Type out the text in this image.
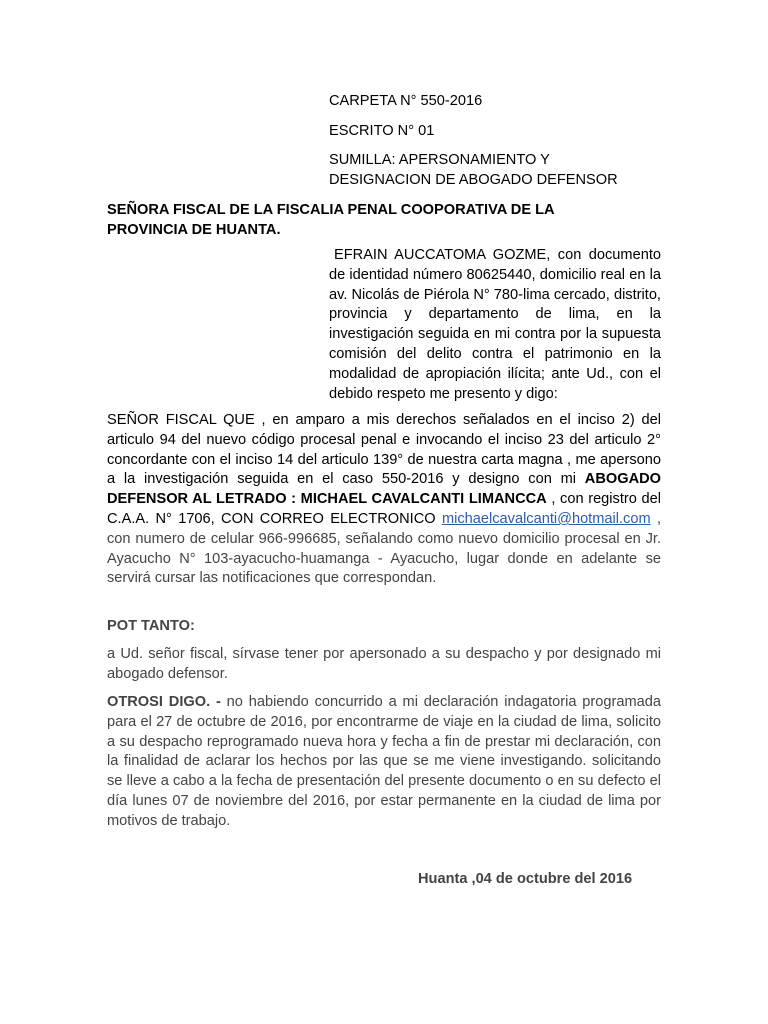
CARPETA N° 550-2016
ESCRITO N° 01
SUMILLA: APERSONAMIENTO Y
DESIGNACION DE ABOGADO DEFENSOR
SEÑORA FISCAL DE LA FISCALIA PENAL COOPORATIVA DE LA
PROVINCIA DE HUANTA.
EFRAIN AUCCATOMA GOZME, con documento de identidad número 80625440, domicilio real en la av. Nicolás de Piérola N° 780-lima cercado, distrito, provincia y departamento de lima, en la investigación seguida en mi contra por la supuesta comisión del delito contra el patrimonio en la modalidad de apropiación ilícita; ante Ud., con el debido respeto me presento y digo:
SEÑOR FISCAL QUE , en amparo a mis derechos señalados en el inciso 2) del articulo 94 del nuevo código procesal penal e invocando el inciso 23 del articulo 2° concordante con el inciso 14 del articulo 139° de nuestra carta magna , me apersono a la investigación seguida en el caso 550-2016 y designo con mi ABOGADO DEFENSOR AL LETRADO : MICHAEL CAVALCANTI LIMANCCA , con registro del C.A.A. N° 1706, CON CORREO ELECTRONICO michaelcavalcanti@hotmail.com , con numero de celular 966-996685, señalando como nuevo domicilio procesal en Jr. Ayacucho N° 103-ayacucho-huamanga - Ayacucho, lugar donde en adelante se servirá cursar las notificaciones que correspondan.
POT TANTO:
a Ud. señor fiscal, sírvase tener por apersonado a su despacho y por designado mi abogado defensor.
OTROSI DIGO. - no habiendo concurrido a mi declaración indagatoria programada para el 27 de octubre de 2016, por encontrarme de viaje en la ciudad de lima, solicito a su despacho reprogramado nueva hora y fecha a fin de prestar mi declaración, con la finalidad de aclarar los hechos por las que se me viene investigando. solicitando se lleve a cabo a la fecha de presentación del presente documento o en su defecto el día lunes 07 de noviembre del 2016, por estar permanente en la ciudad de lima por motivos de trabajo.
Huanta ,04 de octubre del 2016
